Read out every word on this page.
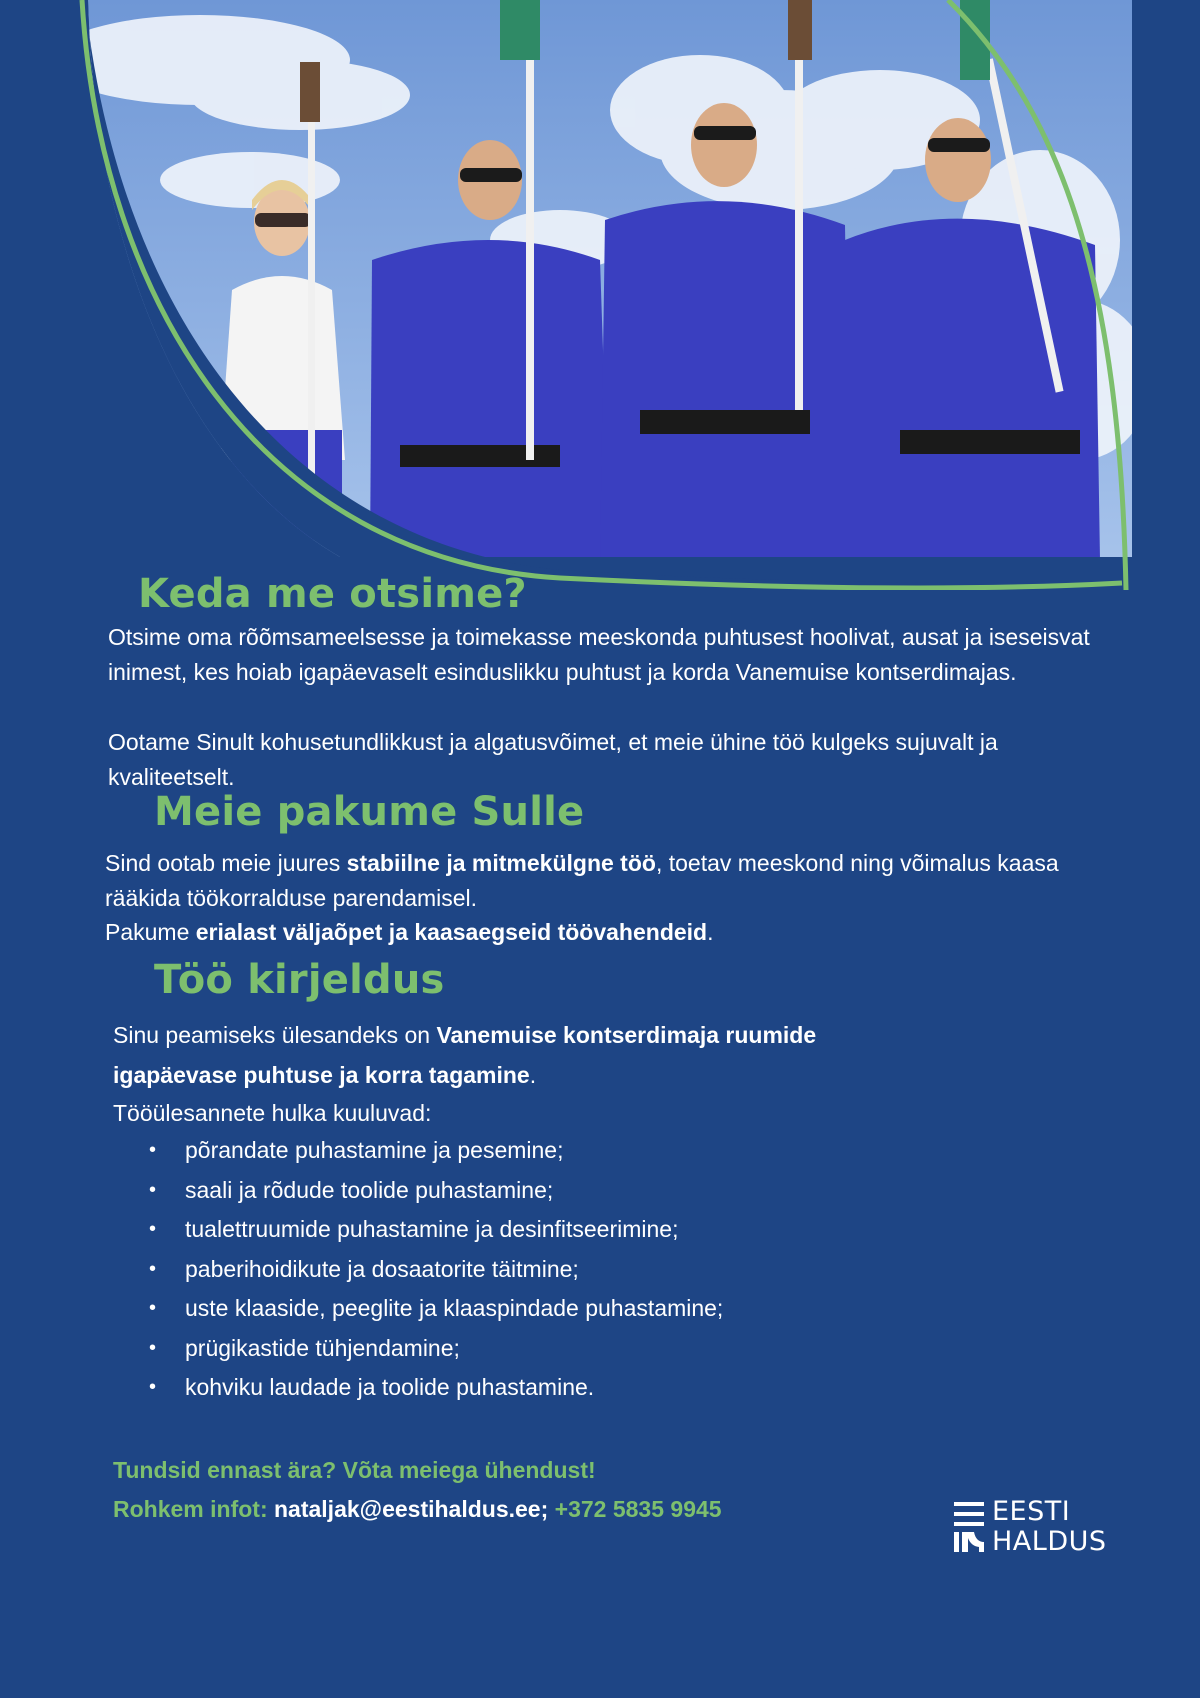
Keda me otsime?

Otsime oma rõõmsameelsesse ja toimekasse meeskonda puhtusest hoolivat, ausat ja iseseisvat inimest, kes hoiab igapäevaselt esinduslikku puhtust ja korda Vanemuise kontserdimajas.

Ootame Sinult kohusetundlikkust ja algatusvõimet, et meie ühine töö kulgeks sujuvalt ja kvaliteetselt.

Meie pakume Sulle

Sind ootab meie juures stabiilne ja mitmekülgne töö, toetav meeskond ning võimalus kaasa rääkida töökorralduse parendamisel.

Pakume erialast väljaõpet ja kaasaegseid töövahendeid.

Töö kirjeldus

Sinu peamiseks ülesandeks on Vanemuise kontserdimaja ruumide igapäevase puhtuse ja korra tagamine.

Tööülesannete hulka kuuluvad:

• põrandate puhastamine ja pesemine;
• saali ja rõdude toolide puhastamine;
• tualettruumide puhastamine ja desinfitseerimine;
• paberihoidikute ja dosaatorite täitmine;
• uste klaaside, peeglite ja klaaspindade puhastamine;
• prügikastide tühjendamine;
• kohviku laudade ja toolide puhastamine.

Tundsid ennast ära? Võta meiega ühendust!

Rohkem infot: nataljak@eestihaldus.ee; +372 5835 9945	EESTI
HALDUS
